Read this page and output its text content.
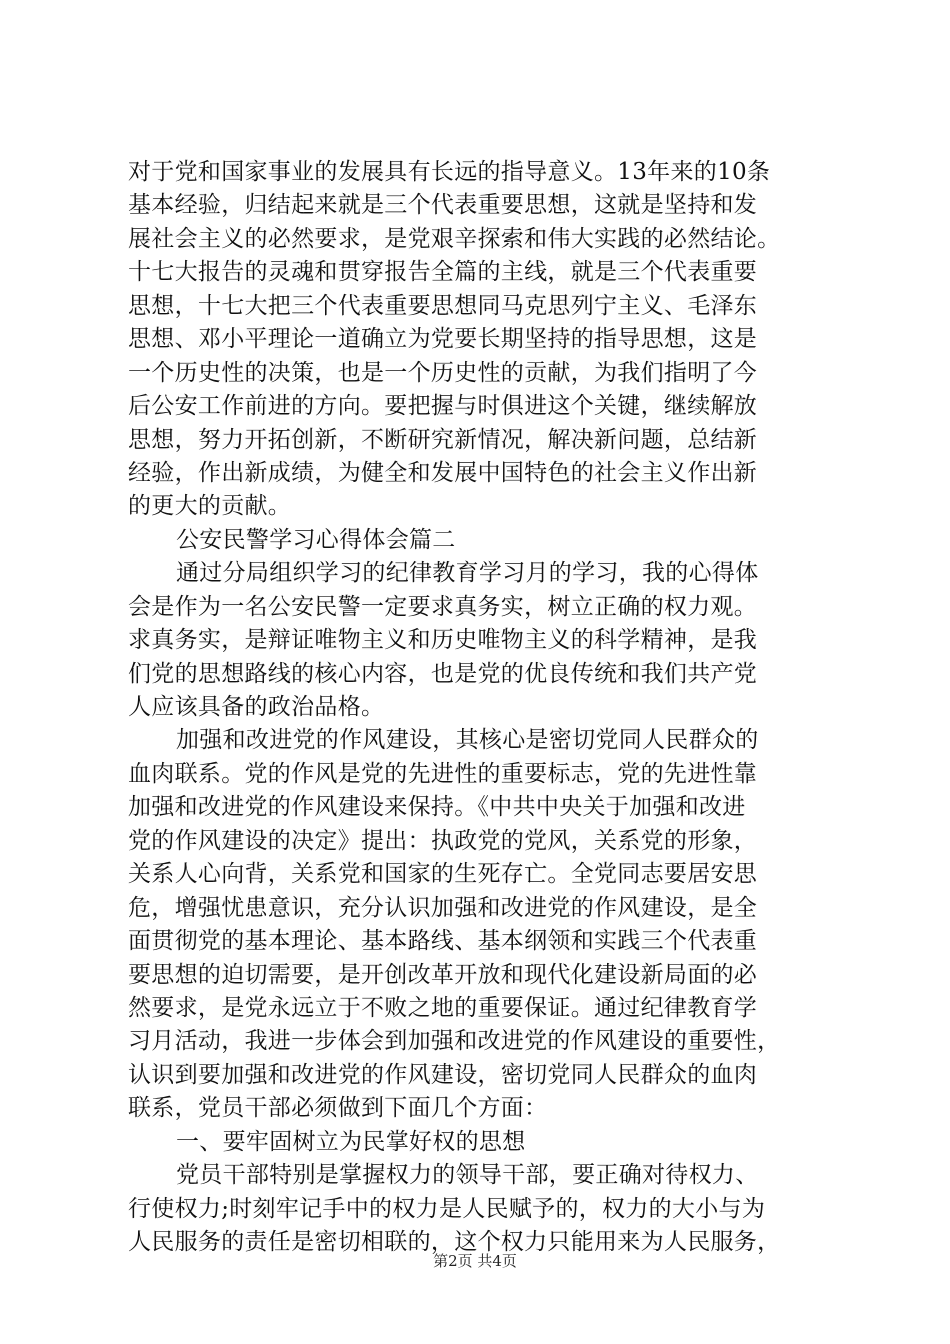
对于党和国家事业的发展具有长远的指导意义。13年来的10条
基本经验，归结起来就是三个代表重要思想，这就是坚持和发
展社会主义的必然要求，是党艰辛探索和伟大实践的必然结论。
十七大报告的灵魂和贯穿报告全篇的主线，就是三个代表重要
思想，十七大把三个代表重要思想同马克思列宁主义、毛泽东
思想、邓小平理论一道确立为党要长期坚持的指导思想，这是
一个历史性的决策，也是一个历史性的贡献，为我们指明了今
后公安工作前进的方向。要把握与时俱进这个关键，继续解放
思想，努力开拓创新，不断研究新情况，解决新问题，总结新
经验，作出新成绩，为健全和发展中国特色的社会主义作出新
的更大的贡献。
公安民警学习心得体会篇二
通过分局组织学习的纪律教育学习月的学习，我的心得体
会是作为一名公安民警一定要求真务实，树立正确的权力观。
求真务实，是辩证唯物主义和历史唯物主义的科学精神，是我
们党的思想路线的核心内容，也是党的优良传统和我们共产党
人应该具备的政治品格。
加强和改进党的作风建设，其核心是密切党同人民群众的
血肉联系。党的作风是党的先进性的重要标志，党的先进性靠
加强和改进党的作风建设来保持。《中共中央关于加强和改进
党的作风建设的决定》提出：执政党的党风，关系党的形象，
关系人心向背，关系党和国家的生死存亡。全党同志要居安思
危，增强忧患意识，充分认识加强和改进党的作风建设，是全
面贯彻党的基本理论、基本路线、基本纲领和实践三个代表重
要思想的迫切需要，是开创改革开放和现代化建设新局面的必
然要求，是党永远立于不败之地的重要保证。通过纪律教育学
习月活动，我进一步体会到加强和改进党的作风建设的重要性，
认识到要加强和改进党的作风建设，密切党同人民群众的血肉
联系，党员干部必须做到下面几个方面：
一、要牢固树立为民掌好权的思想
党员干部特别是掌握权力的领导干部，要正确对待权力、
行使权力;时刻牢记手中的权力是人民赋予的，权力的大小与为
人民服务的责任是密切相联的，这个权力只能用来为人民服务，
第2页 共4页
